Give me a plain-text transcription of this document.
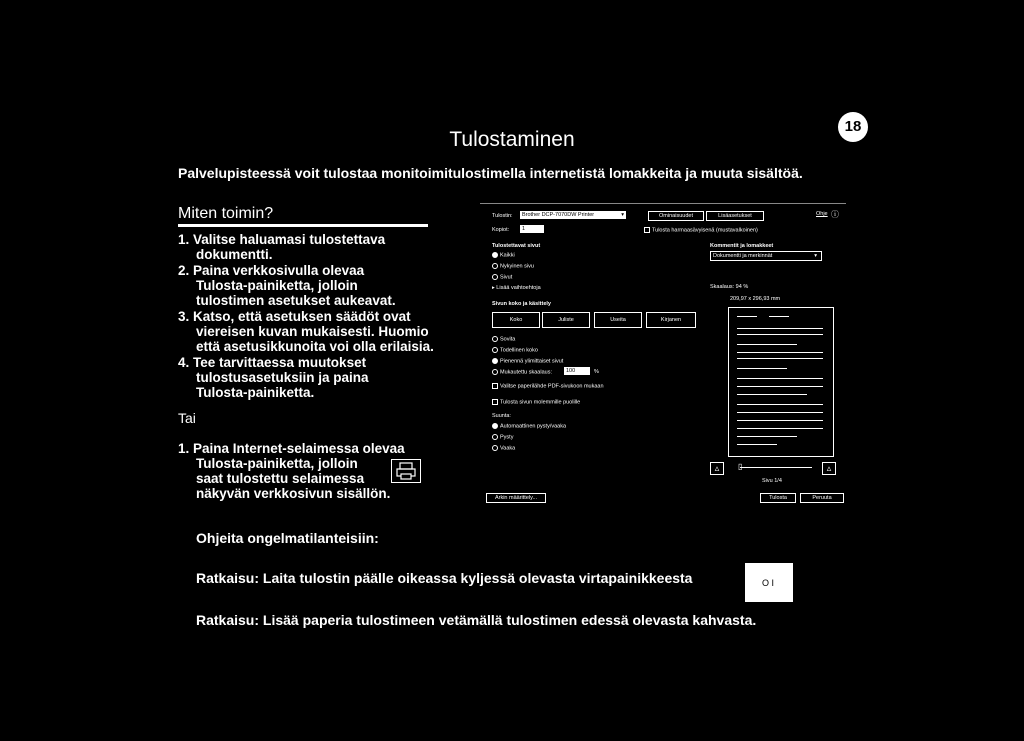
18
Tulostaminen
Palvelupisteessä voit tulostaa monitoimitulostimella internetistä lomakkeita ja muuta sisältöä.
Miten toimin?
1. Valitse haluamasi tulostettava
dokumentti.
2. Paina verkkosivulla olevaa
Tulosta-painiketta, jolloin
tulostimen asetukset aukeavat.
3. Katso, että asetuksen säädöt ovat
viereisen kuvan mukaisesti. Huomio
että asetusikkunoita voi olla erilaisia.
4. Tee tarvittaessa muutokset
tulostusasetuksiin ja paina
Tulosta-painiketta.
Tai
1. Paina Internet-selaimessa olevaa
Tulosta-painiketta, jolloin
saat tulostettu selaimessa
näkyvän verkkosivun sisällön.
Tulostin:	Brother DCP-7070DW Printer	▾	Ominaisuudet	Lisäasetukset	Ohje ⓘ
Kopiot:	1	Tulosta harmaasävyisenä (mustavalkoinen)
Tulostettavat sivut
Kaikki
Nykyinen sivu
Sivut
▸ Lisää vaihtoehtoja
Kommentit ja lomakkeet
Dokumentti ja merkinnät	▾
Skaalaus: 94 %
209,97 x 296,93 mm
Sivun koko ja käsittely
Koko	Juliste	Useita	Kirjanen
Sovita
Todellinen koko
Pienennä ylimittaiset sivut
Mukautettu skaalaus:	100	%
Valitse paperilähde PDF-sivukoon mukaan
Tulosta sivun molemmille puolille
Suunta:
Automaattinen pysty/vaaka
Pysty
Vaaka
▵	▯	▵
Sivu 1/4
Arkin määrittely...	Tulosta	Peruuta
Ohjeita ongelmatilanteisiin:
Ratkaisu: Laita tulostin päälle oikeassa kyljessä olevasta virtapainikkeesta	O I
Ratkaisu: Lisää paperia tulostimeen vetämällä tulostimen edessä olevasta kahvasta.
